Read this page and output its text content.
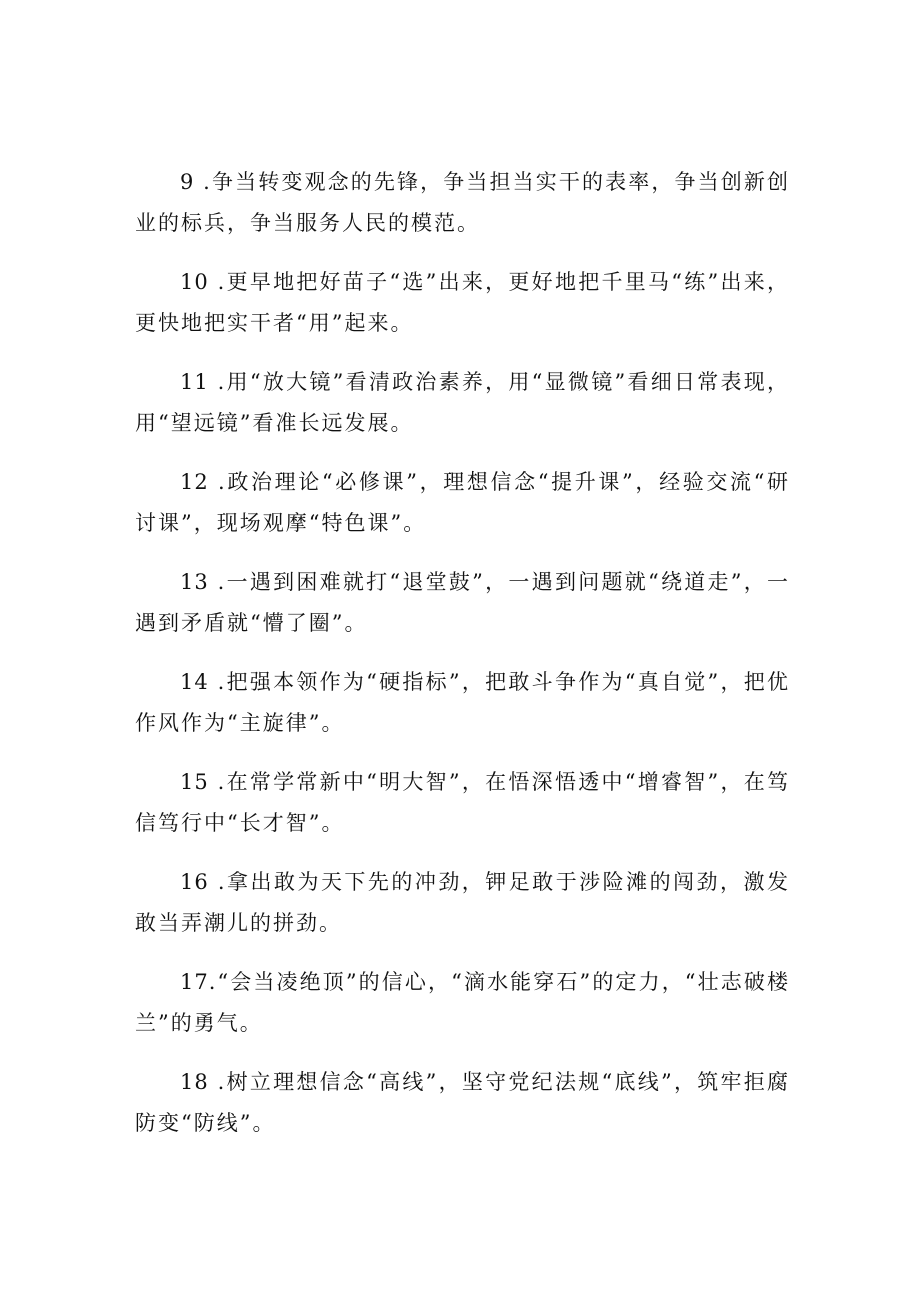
9 .争当转变观念的先锋，争当担当实干的表率，争当创新创业的标兵，争当服务人民的模范。

10 .更早地把好苗子“选”出来，更好地把千里马“练”出来，更快地把实干者“用”起来。

11 .用“放大镜”看清政治素养，用“显微镜”看细日常表现，用“望远镜”看准长远发展。

12 .政治理论“必修课”，理想信念“提升课”，经验交流“研讨课”，现场观摩“特色课”。

13 .一遇到困难就打“退堂鼓”，一遇到问题就“绕道走”，一遇到矛盾就“懵了圈”。

14 .把强本领作为“硬指标”，把敢斗争作为“真自觉”，把优作风作为“主旋律”。

15 .在常学常新中“明大智”，在悟深悟透中“增睿智”，在笃信笃行中“长才智”。

16 .拿出敢为天下先的冲劲，钾足敢于涉险滩的闯劲，激发敢当弄潮儿的拼劲。

17.“会当凌绝顶”的信心，“滴水能穿石”的定力，“壮志破楼兰”的勇气。

18 .树立理想信念“高线”，坚守党纪法规“底线”，筑牢拒腐防变“防线”。
